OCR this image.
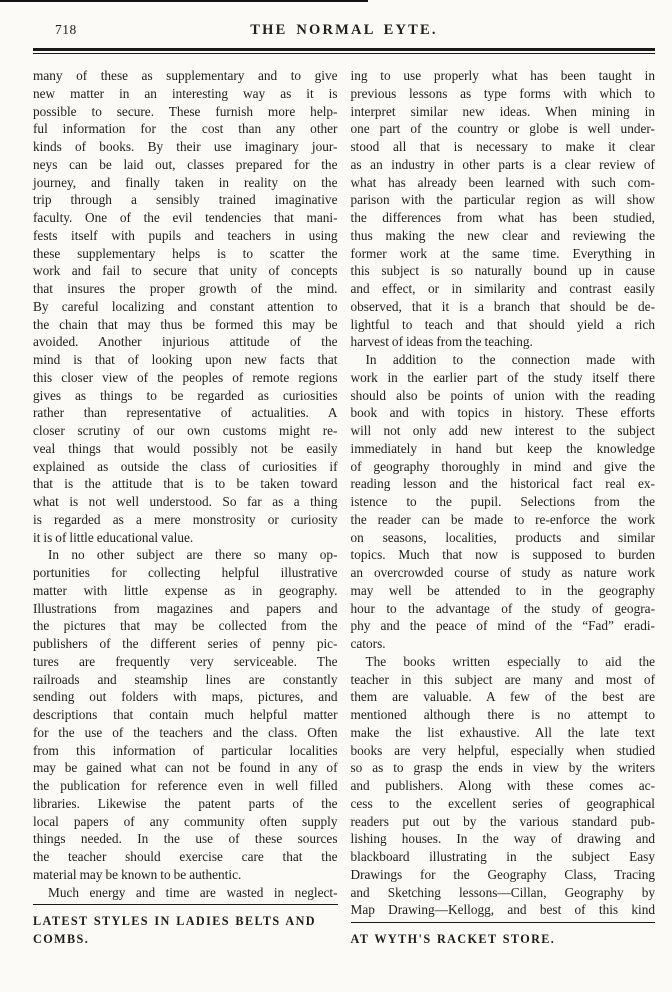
718	THE NORMAL EYTE.
many of these as supplementary and to give
new matter in an interesting way as it is
possible to secure. These furnish more help-
ful information for the cost than any other
kinds of books. By their use imaginary jour-
neys can be laid out, classes prepared for the
journey, and finally taken in reality on the
trip through a sensibly trained imaginative
faculty. One of the evil tendencies that mani-
fests itself with pupils and teachers in using
these supplementary helps is to scatter the
work and fail to secure that unity of concepts
that insures the proper growth of the mind.
By careful localizing and constant attention to
the chain that may thus be formed this may be
avoided. Another injurious attitude of the
mind is that of looking upon new facts that
this closer view of the peoples of remote regions
gives as things to be regarded as curiosities
rather than representative of actualities. A
closer scrutiny of our own customs might re-
veal things that would possibly not be easily
explained as outside the class of curiosities if
that is the attitude that is to be taken toward
what is not well understood. So far as a thing
is regarded as a mere monstrosity or curiosity
it is of little educational value.
In no other subject are there so many op-
portunities for collecting helpful illustrative
matter with little expense as in geography.
Illustrations from magazines and papers and
the pictures that may be collected from the
publishers of the different series of penny pic-
tures are frequently very serviceable. The
railroads and steamship lines are constantly
sending out folders with maps, pictures, and
descriptions that contain much helpful matter
for the use of the teachers and the class. Often
from this information of particular localities
may be gained what can not be found in any of
the publication for reference even in well filled
libraries. Likewise the patent parts of the
local papers of any community often supply
things needed. In the use of these sources
the teacher should exercise care that the
material may be known to be authentic.
Much energy and time are wasted in neglect-
LATEST STYLES IN LADIES BELTS AND COMBS.
ing to use properly what has been taught in
previous lessons as type forms with which to
interpret similar new ideas. When mining in
one part of the country or globe is well under-
stood all that is necessary to make it clear
as an industry in other parts is a clear review of
what has already been learned with such com-
parison with the particular region as will show
the differences from what has been studied,
thus making the new clear and reviewing the
former work at the same time. Everything in
this subject is so naturally bound up in cause
and effect, or in similarity and contrast easily
observed, that it is a branch that should be de-
lightful to teach and that should yield a rich
harvest of ideas from the teaching.
In addition to the connection made with
work in the earlier part of the study itself there
should also be points of union with the reading
book and with topics in history. These efforts
will not only add new interest to the subject
immediately in hand but keep the knowledge
of geography thoroughly in mind and give the
reading lesson and the historical fact real ex-
istence to the pupil. Selections from the
the reader can be made to re-enforce the work
on seasons, localities, products and similar
topics. Much that now is supposed to burden
an overcrowded course of study as nature work
may well be attended to in the geography
hour to the advantage of the study of geogra-
phy and the peace of mind of the “Fad” eradi-
cators.
The books written especially to aid the
teacher in this subject are many and most of
them are valuable. A few of the best are
mentioned although there is no attempt to
make the list exhaustive. All the late text
books are very helpful, especially when studied
so as to grasp the ends in view by the writers
and publishers. Along with these comes ac-
cess to the excellent series of geographical
readers put out by the various standard pub-
lishing houses. In the way of drawing and
blackboard illustrating in the subject Easy
Drawings for the Geography Class, Tracing
and Sketching lessons—Cillan, Geography by
Map Drawing—Kellogg, and best of this kind
AT WYTH'S RACKET STORE.
